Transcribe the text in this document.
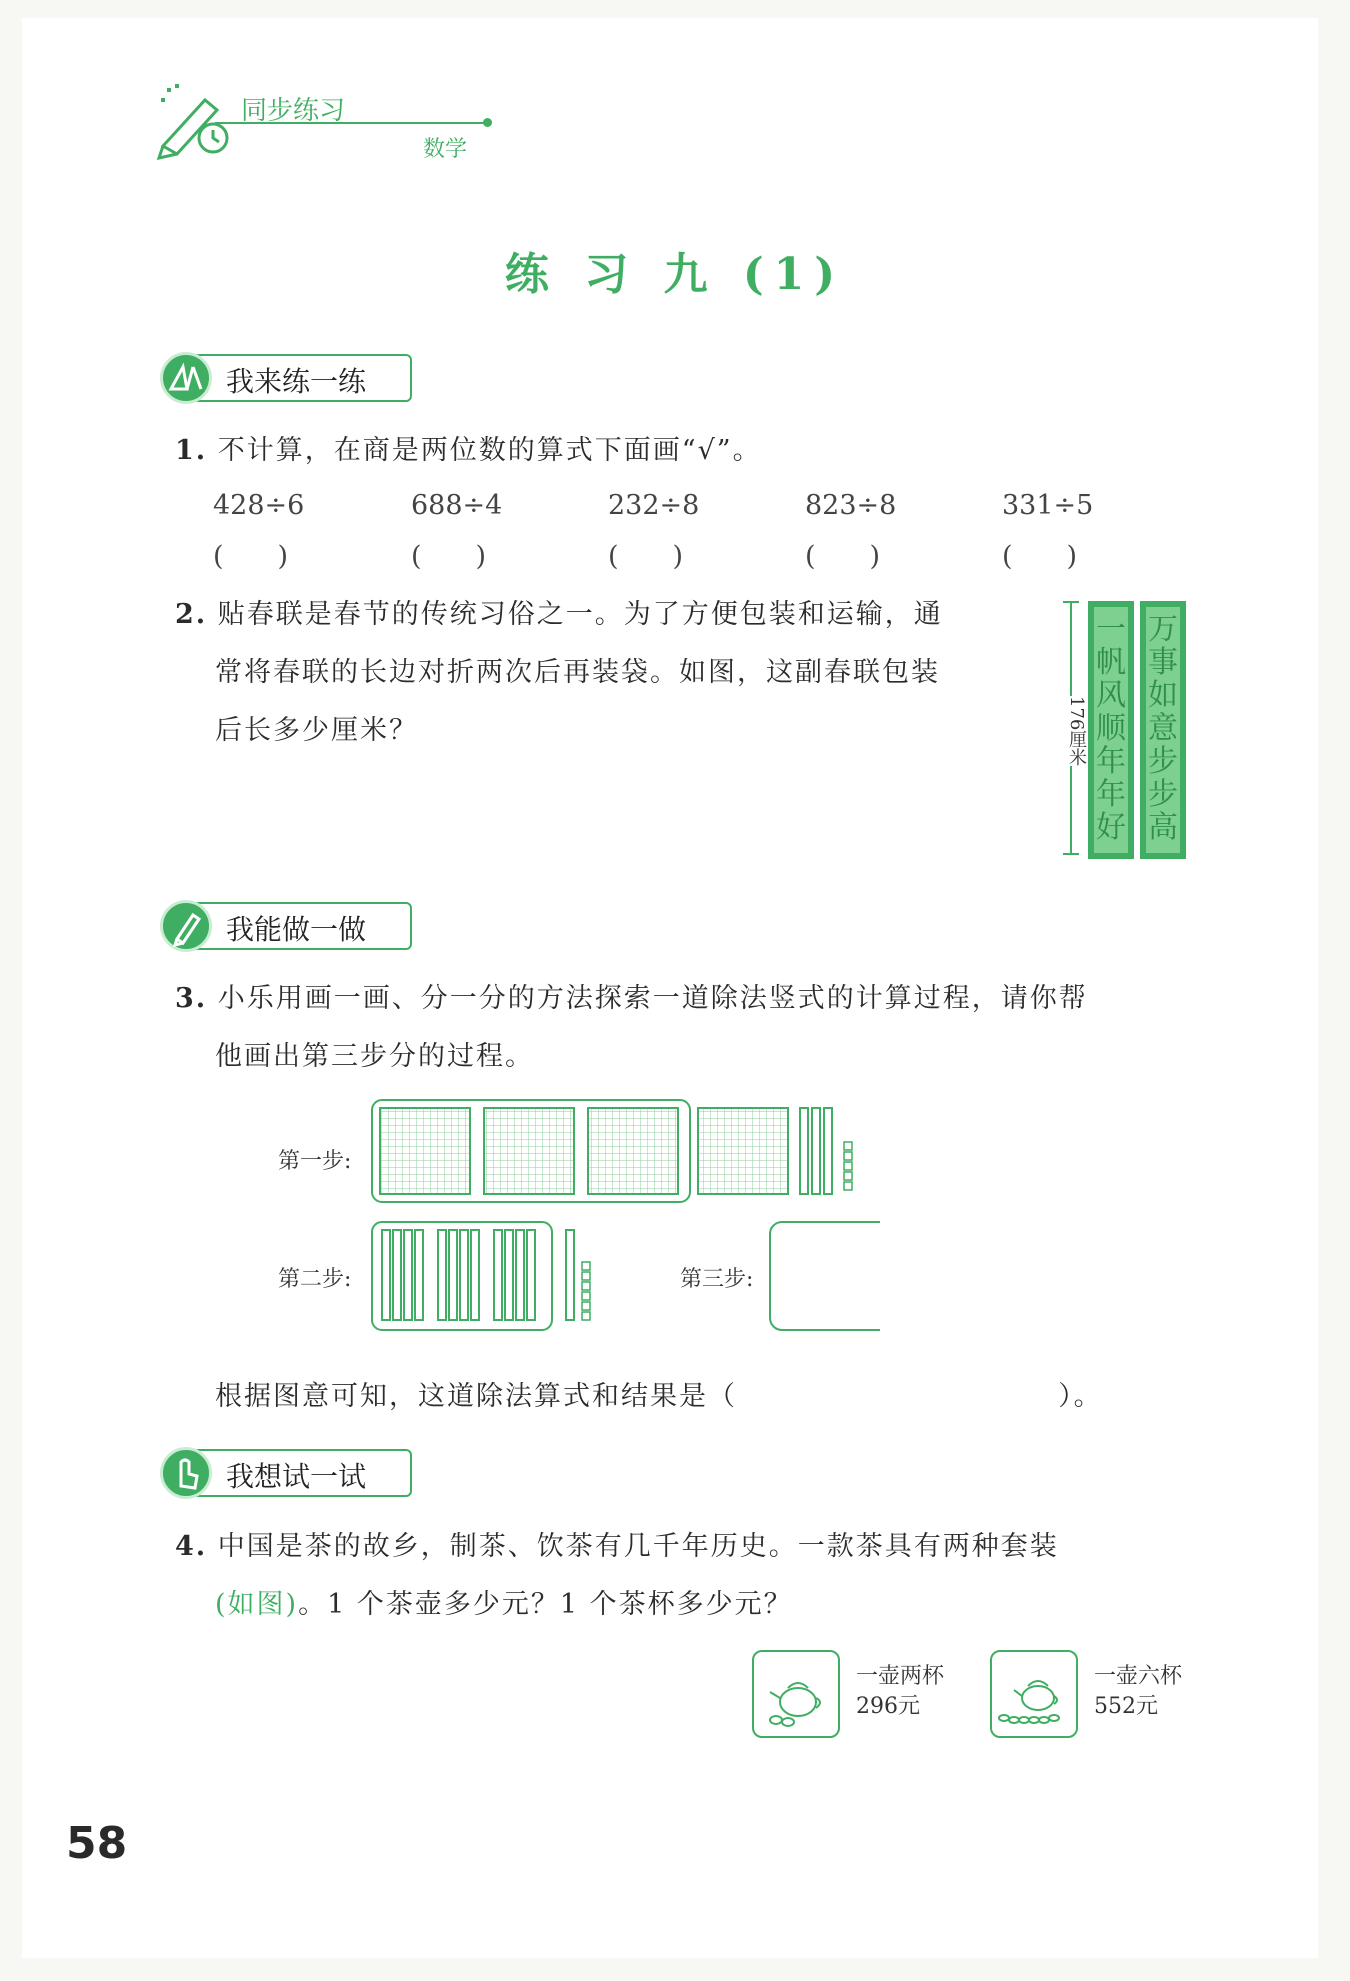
同步练习
数学
练 习 九 (1)
我来练一练
1. 不计算，在商是两位数的算式下面画“√”。
428÷6	688÷4	232÷8	823÷8	331÷5
(　　)	(　　)	(　　)	(　　)	(　　)
2. 贴春联是春节的传统习俗之一。为了方便包装和运输，通
常将春联的长边对折两次后再装袋。如图，这副春联包装
后长多少厘米？	176厘米
一帆风顺年年好
万事如意步步高
我能做一做
3. 小乐用画一画、分一分的方法探索一道除法竖式的计算过程，请你帮
他画出第三步分的过程。
第一步:
第二步:	第三步:
根据图意可知，这道除法算式和结果是（	）。
我想试一试
4. 中国是茶的故乡，制茶、饮茶有几千年历史。一款茶具有两种套装
(如图)。1 个茶壶多少元？1 个茶杯多少元？
一壶两杯
296元
一壶六杯
552元
58
